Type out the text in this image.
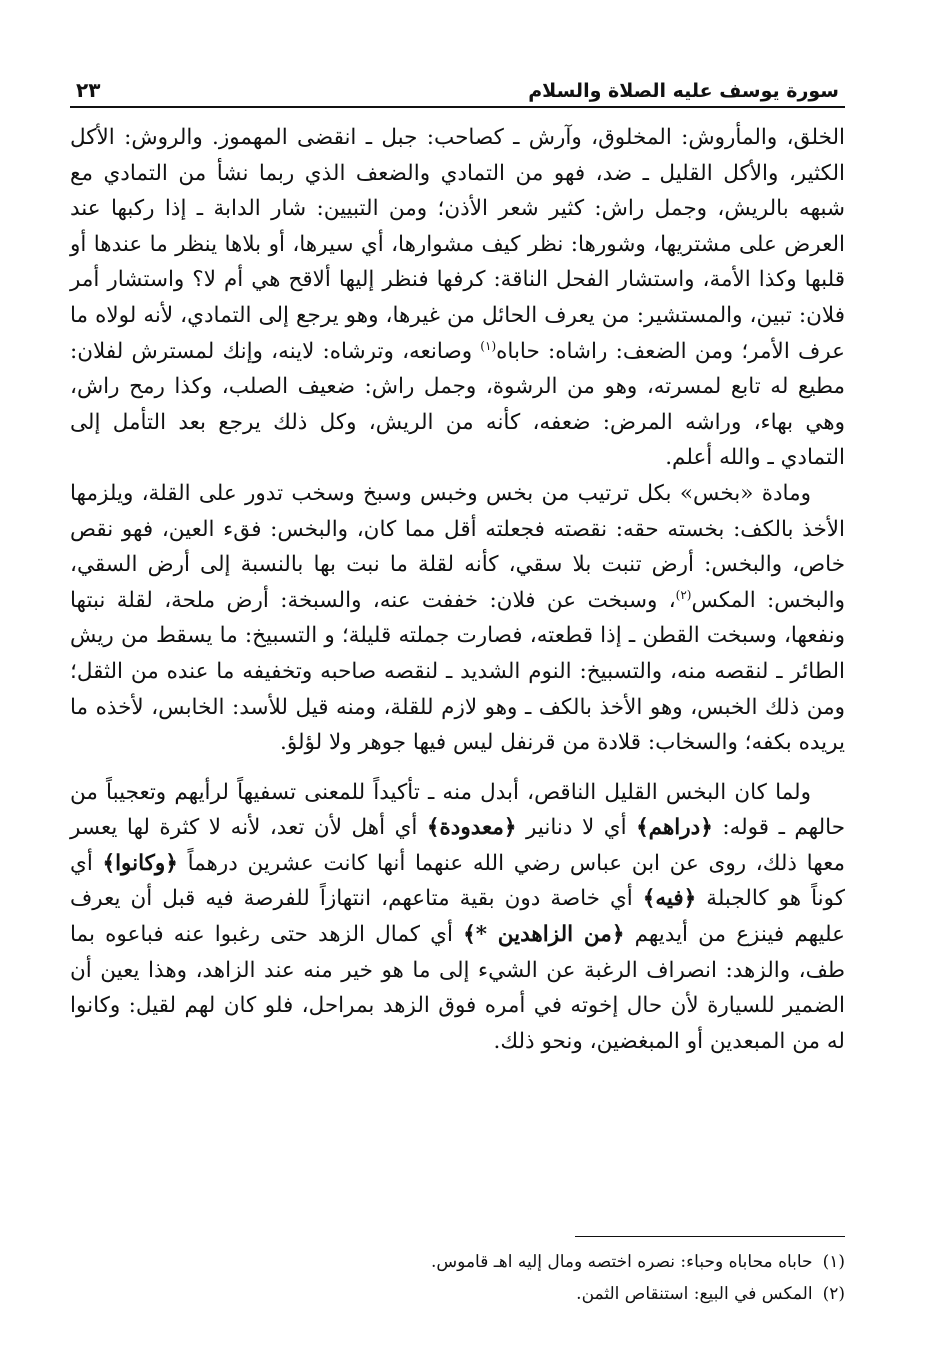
سورة يوسف عليه الصلاة والسلام
٢٣

الخلق، والمأروش: المخلوق، وآرش ـ كصاحب: جبل ـ انقضى المهموز. والروش: الأكل الكثير، والأكل القليل ـ ضد، فهو من التمادي والضعف الذي ربما نشأ من التمادي مع شبهه بالريش، وجمل راش: كثير شعر الأذن؛ ومن التبيين: شار الدابة ـ إذا ركبها عند العرض على مشتريها، وشورها: نظر كيف مشوارها، أي سيرها، أو بلاها ينظر ما عندها أو قلبها وكذا الأمة، واستشار الفحل الناقة: كرفها فنظر إليها ألاقح هي أم لا؟ واستشار أمر فلان: تبين، والمستشير: من يعرف الحائل من غيرها، وهو يرجع إلى التمادي، لأنه لولاه ما عرف الأمر؛ ومن الضعف: راشاه: حاباه$^{(١)}$ وصانعه، وترشاه: لاينه، وإنك لمسترش لفلان: مطيع له تابع لمسرته، وهو من الرشوة، وجمل راش: ضعيف الصلب، وكذا رمح راش، وهي بهاء، وراشه المرض: ضعفه، كأنه من الريش، وكل ذلك يرجع بعد التأمل إلى التمادي ـ والله أعلم.

ومادة «بخس» بكل ترتيب من بخس وخبس وسبخ وسخب تدور على القلة، ويلزمها الأخذ بالكف: بخسته حقه: نقصته فجعلته أقل مما كان، والبخس: فقء العين، فهو نقص خاص، والبخس: أرض تنبت بلا سقي، كأنه لقلة ما نبت بها بالنسبة إلى أرض السقي، والبخس: المكس$^{(٢)}$، وسبخت عن فلان: خففت عنه، والسبخة: أرض ملحة، لقلة نبتها ونفعها، وسبخت القطن ـ إذا قطعته، فصارت جملته قليلة؛ و التسبيخ: ما يسقط من ريش الطائر ـ لنقصه منه، والتسبيخ: النوم الشديد ـ لنقصه صاحبه وتخفيفه ما عنده من الثقل؛ ومن ذلك الخبس، وهو الأخذ بالكف ـ وهو لازم للقلة، ومنه قيل للأسد: الخابس، لأخذه ما يريده بكفه؛ والسخاب: قلادة من قرنفل ليس فيها جوهر ولا لؤلؤ.

ولما كان البخس القليل الناقص، أبدل منه ـ تأكيداً للمعنى تسفيهاً لرأيهم وتعجيباً من حالهم ـ قوله: ﴿دراهم﴾ أي لا دنانير ﴿معدودة﴾ أي أهل لأن تعد، لأنه لا كثرة لها يعسر معها ذلك، روى عن ابن عباس رضي الله عنهما أنها كانت عشرين درهماً ﴿وكانوا﴾ أي كوناً هو كالجبلة ﴿فيه﴾ أي خاصة دون بقية متاعهم، انتهازاً للفرصة فيه قبل أن يعرف عليهم فينزع من أيديهم ﴿من الزاهدين *﴾ أي كمال الزهد حتى رغبوا عنه فباعوه بما طف، والزهد: انصراف الرغبة عن الشيء إلى ما هو خير منه عند الزاهد، وهذا يعين أن الضمير للسيارة لأن حال إخوته في أمره فوق الزهد بمراحل، فلو كان لهم لقيل: وكانوا له من المبعدين أو المبغضين، ونحو ذلك.

(١)
حاباه محاباه وحباء: نصره اختصه ومال إليه اهـ قاموس.
(٢)
المكس في البيع: استنقاص الثمن.
